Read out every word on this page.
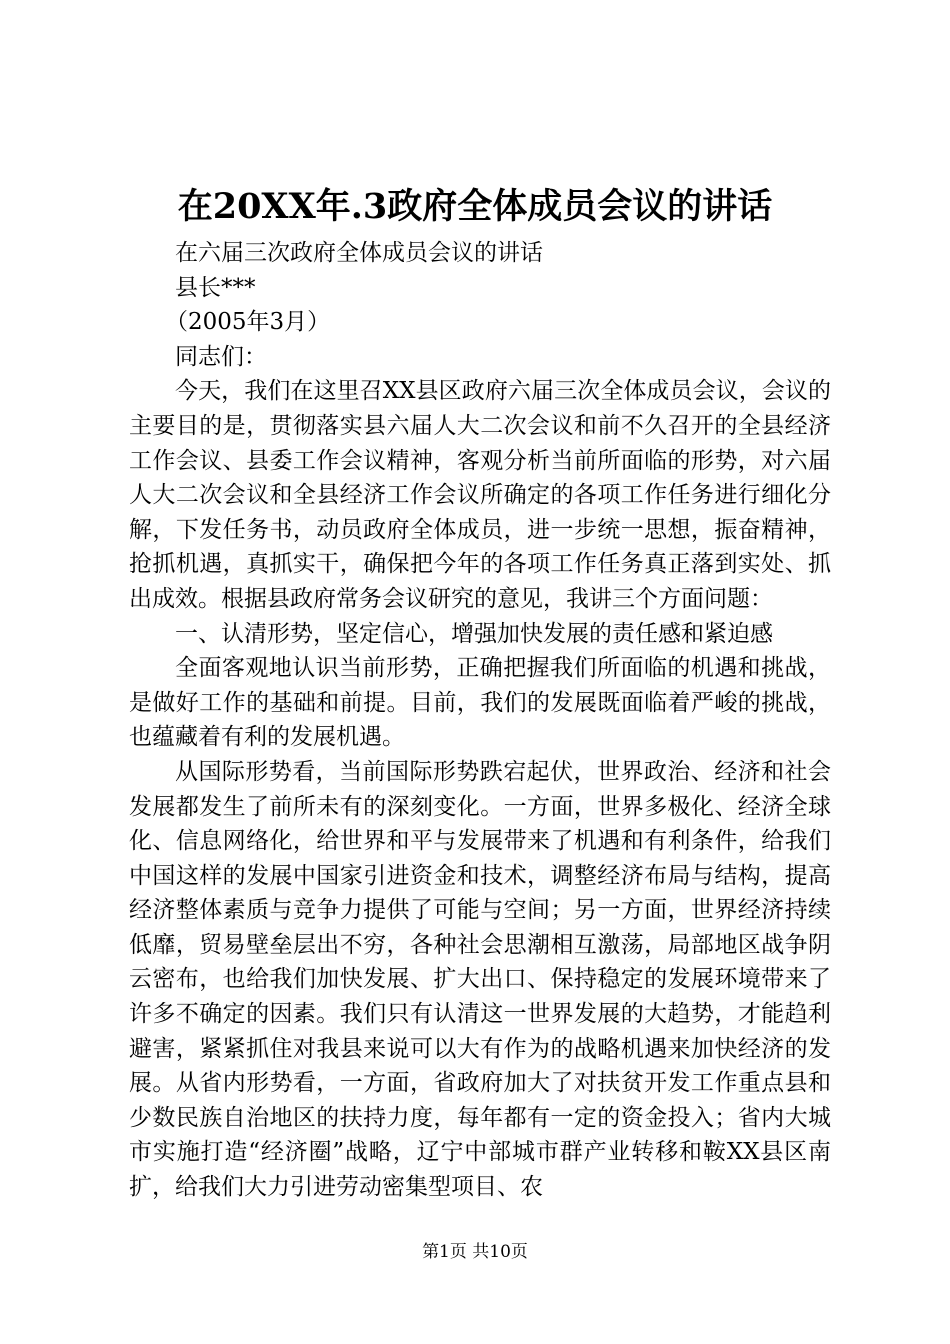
在20XX年.3政府全体成员会议的讲话
在六届三次政府全体成员会议的讲话
县长***
（2005年3月）
同志们：

今天，我们在这里召XX县区政府六届三次全体成员会议，会议的主要目的是，贯彻落实县六届人大二次会议和前不久召开的全县经济工作会议、县委工作会议精神，客观分析当前所面临的形势，对六届人大二次会议和全县经济工作会议所确定的各项工作任务进行细化分解，下发任务书，动员政府全体成员，进一步统一思想，振奋精神，抢抓机遇，真抓实干，确保把今年的各项工作任务真正落到实处、抓出成效。根据县政府常务会议研究的意见，我讲三个方面问题：

一、认清形势，坚定信心，增强加快发展的责任感和紧迫感

全面客观地认识当前形势，正确把握我们所面临的机遇和挑战，是做好工作的基础和前提。目前，我们的发展既面临着严峻的挑战，也蕴藏着有利的发展机遇。

从国际形势看，当前国际形势跌宕起伏，世界政治、经济和社会发展都发生了前所未有的深刻变化。一方面，世界多极化、经济全球化、信息网络化，给世界和平与发展带来了机遇和有利条件，给我们中国这样的发展中国家引进资金和技术，调整经济布局与结构，提高经济整体素质与竞争力提供了可能与空间；另一方面，世界经济持续低靡，贸易壁垒层出不穷，各种社会思潮相互激荡，局部地区战争阴云密布，也给我们加快发展、扩大出口、保持稳定的发展环境带来了许多不确定的因素。我们只有认清这一世界发展的大趋势，才能趋利避害，紧紧抓住对我县来说可以大有作为的战略机遇来加快经济的发展。从省内形势看，一方面，省政府加大了对扶贫开发工作重点县和少数民族自治地区的扶持力度，每年都有一定的资金投入；省内大城市实施打造“经济圈”战略，辽宁中部城市群产业转移和鞍XX县区南扩，给我们大力引进劳动密集型项目、农

第1页 共10页
